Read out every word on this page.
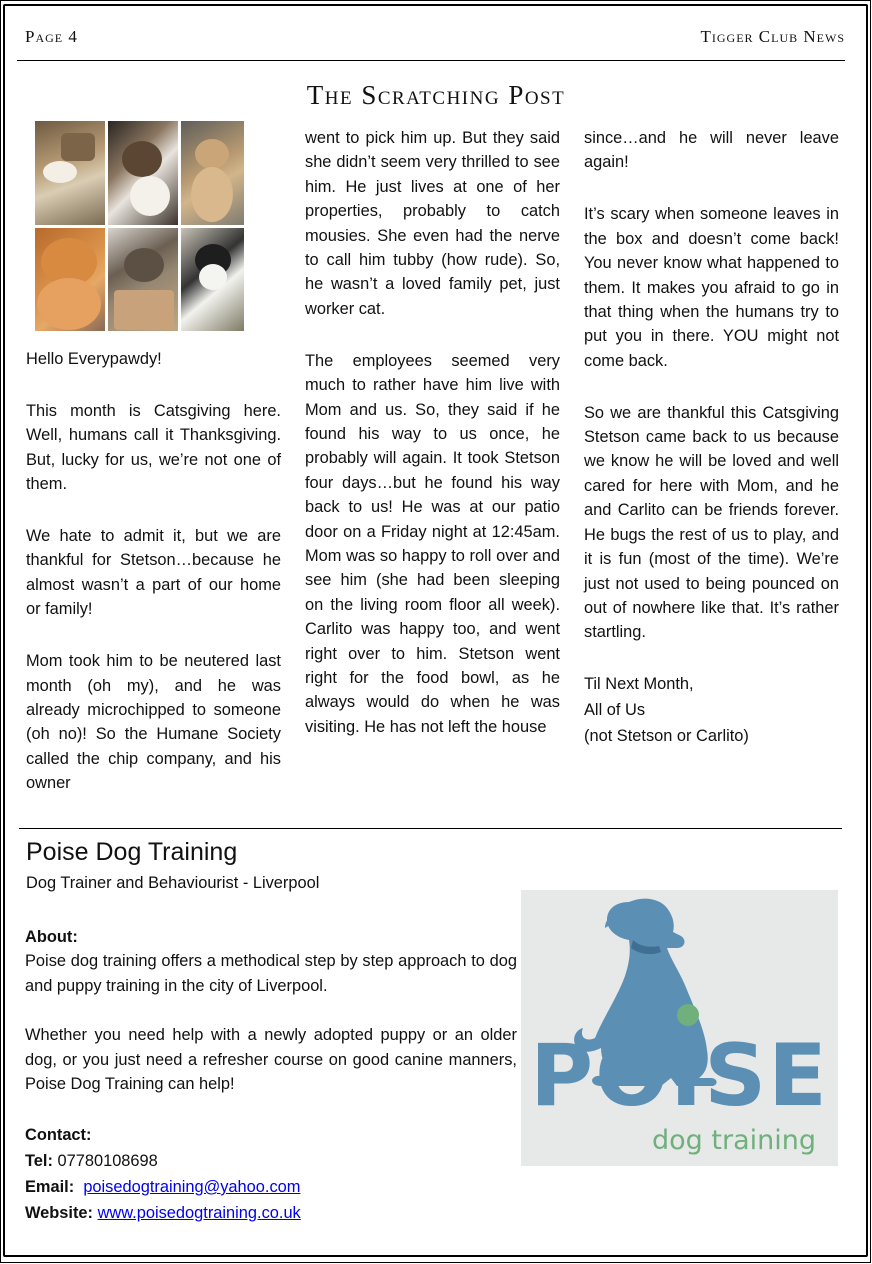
Page 4	Tigger Club News
The Scratching Post

Hello Everypawdy!

This month is Catsgiving here. Well, humans call it Thanksgiving. But, lucky for us, we’re not one of them.

We hate to admit it, but we are thankful for Stetson…because he almost wasn’t a part of our home or family!

Mom took him to be neutered last month (oh my), and he was already microchipped to someone (oh no)! So the Humane Society called the chip company, and his owner

went to pick him up. But they said she didn’t seem very thrilled to see him. He just lives at one of her properties, probably to catch mousies. She even had the nerve to call him tubby (how rude). So, he wasn’t a loved family pet, just worker cat.

The employees seemed very much to rather have him live with Mom and us. So, they said if he found his way to us once, he probably will again. It took Stetson four days…but he found his way back to us! He was at our patio door on a Friday night at 12:45am. Mom was so happy to roll over and see him (she had been sleeping on the living room floor all week). Carlito was happy too, and went right over to him. Stetson went right for the food bowl, as he always would do when he was visiting. He has not left the house

since…and he will never leave again!

It’s scary when someone leaves in the box and doesn’t come back! You never know what happened to them. It makes you afraid to go in that thing when the humans try to put you in there. YOU might not come back.

So we are thankful this Catsgiving Stetson came back to us because we know he will be loved and well cared for here with Mom, and he and Carlito can be friends forever. He bugs the rest of us to play, and it is fun (most of the time). We’re just not used to being pounced on out of nowhere like that. It’s rather startling.

Til Next Month,
All of Us
(not Stetson or Carlito)
Poise Dog Training
Dog Trainer and Behaviourist - Liverpool
About:

Poise dog training offers a methodical step by step approach to dog and puppy training in the city of Liverpool.

Whether you need help with a newly adopted puppy or an older dog, or you just need a refresher course on good canine manners, Poise Dog Training can help!

Contact:
Tel: 07780108698
Email: poisedogtraining@yahoo.com
Website: www.poisedogtraining.co.uk
POISE
dog training
